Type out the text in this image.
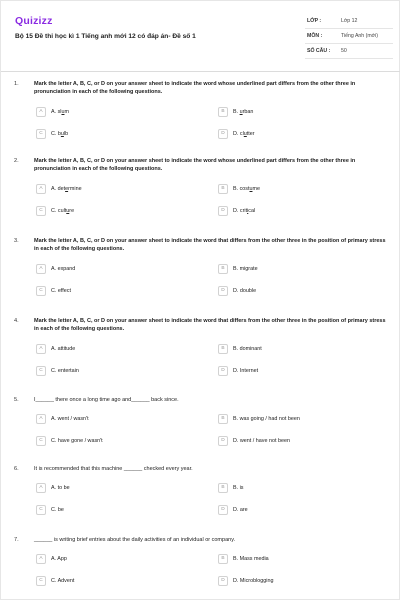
Quizizz
Bộ 15 Đề thi học kì 1 Tiếng anh mới 12 có đáp án- Đề số 1
LỚP :	Lớp 12
MÔN :	Tiếng Anh (mới)
SỐ CÂU : 50
1.	Mark the letter A, B, C, or D on your answer sheet to indicate the word whose underlined part differs from the other three in pronunciation in each of the following questions.
A	A. slum	B	B. urban
C	C. bulb	D	D. clutter
2.	Mark the letter A, B, C, or D on your answer sheet to indicate the word whose underlined part differs from the other three in pronunciation in each of the following questions.
A	A. determine	B	B. costume
C	C. culture	D	D. critical
3.	Mark the letter A, B, C, or D on your answer sheet to indicate the word that differs from the other three in the position of primary stress in each of the following questions.
A	A. expand	B	B. migrate
C	C. effect	D	D. double
4.	Mark the letter A, B, C, or D on your answer sheet to indicate the word that differs from the other three in the position of primary stress in each of the following questions.
A	A. attitude	B	B. dominant
C	C. entertain	D	D. Internet
5.	I______ there once a long time ago and______ back since.
A	A. went / wasn't	B	B. was going / had not been
C	C. have gone / wasn't	D	D. went / have not been
6.	It is recommended that this machine ______ checked every year.
A	A. to be	B	B. is
C	C. be	D	D. are
7.	______ is writing brief entries about the daily activities of an individual or company.
A	A. App	B	B. Mass media
C	C. Advent	D	D. Microblogging
